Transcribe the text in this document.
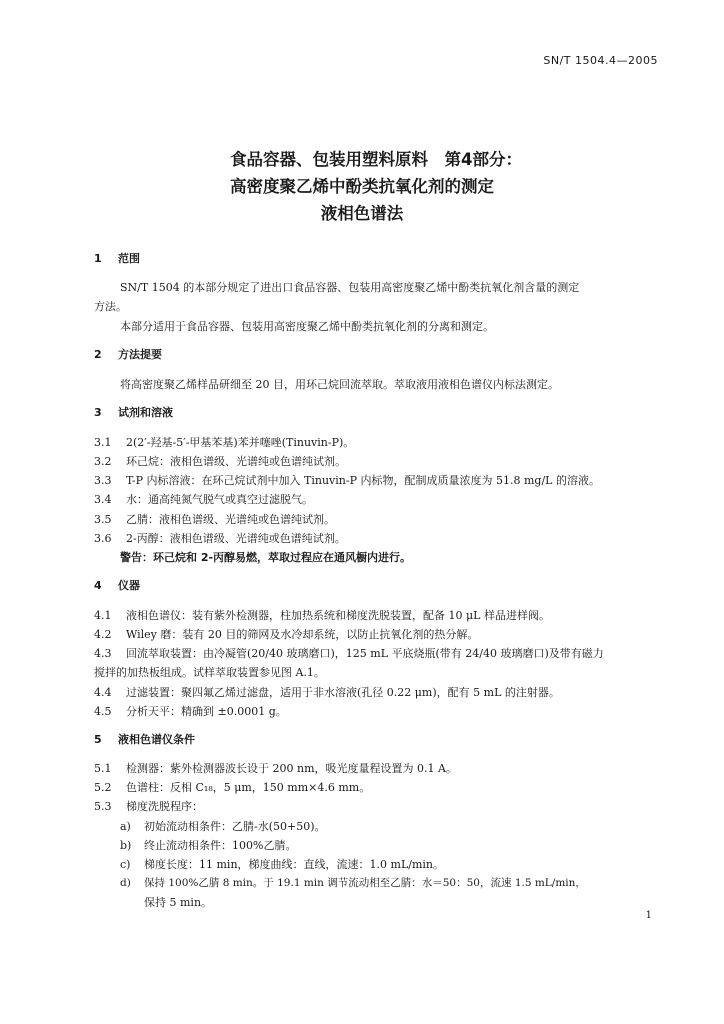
SN/T 1504.4—2005
食品容器、包装用塑料原料　第4部分：
高密度聚乙烯中酚类抗氧化剂的测定
液相色谱法
1 范围
SN/T 1504 的本部分规定了进出口食品容器、包装用高密度聚乙烯中酚类抗氧化剂含量的测定
方法。
本部分适用于食品容器、包装用高密度聚乙烯中酚类抗氧化剂的分离和测定。
2 方法提要
将高密度聚乙烯样品研细至 20 目，用环己烷回流萃取。萃取液用液相色谱仪内标法测定。
3 试剂和溶液
3.1 2(2′-羟基-5′-甲基苯基)苯并噻唑(Tinuvin-P)。
3.2 环己烷：液相色谱级、光谱纯或色谱纯试剂。
3.3 T-P 内标溶液：在环己烷试剂中加入 Tinuvin-P 内标物，配制成质量浓度为 51.8 mg/L 的溶液。
3.4 水：通高纯氮气脱气或真空过滤脱气。
3.5 乙腈：液相色谱级、光谱纯或色谱纯试剂。
3.6 2-丙醇：液相色谱级、光谱纯或色谱纯试剂。
警告：环己烷和 2-丙醇易燃，萃取过程应在通风橱内进行。
4 仪器
4.1 液相色谱仪：装有紫外检测器，柱加热系统和梯度洗脱装置，配备 10 μL 样品进样阀。
4.2 Wiley 磨：装有 20 目的筛网及水冷却系统，以防止抗氧化剂的热分解。
4.3 回流萃取装置：由冷凝管(20/40 玻璃磨口)，125 mL 平底烧瓶(带有 24/40 玻璃磨口)及带有磁力
搅拌的加热板组成。试样萃取装置参见图 A.1。
4.4 过滤装置：聚四氟乙烯过滤盘，适用于非水溶液(孔径 0.22 μm)，配有 5 mL 的注射器。
4.5 分析天平：精确到 ±0.0001 g。
5 液相色谱仪条件
5.1 检测器：紫外检测器波长设于 200 nm，吸光度量程设置为 0.1 A。
5.2 色谱柱：反相 C₁₈，5 μm，150 mm×4.6 mm。
5.3 梯度洗脱程序：
a) 初始流动相条件：乙腈-水(50+50)。
b) 终止流动相条件：100%乙腈。
c) 梯度长度：11 min，梯度曲线：直线，流速：1.0 mL/min。
d) 保持 100%乙腈 8 min。于 19.1 min 调节流动相至乙腈：水＝50：50，流速 1.5 mL/min，
保持 5 min。
1
